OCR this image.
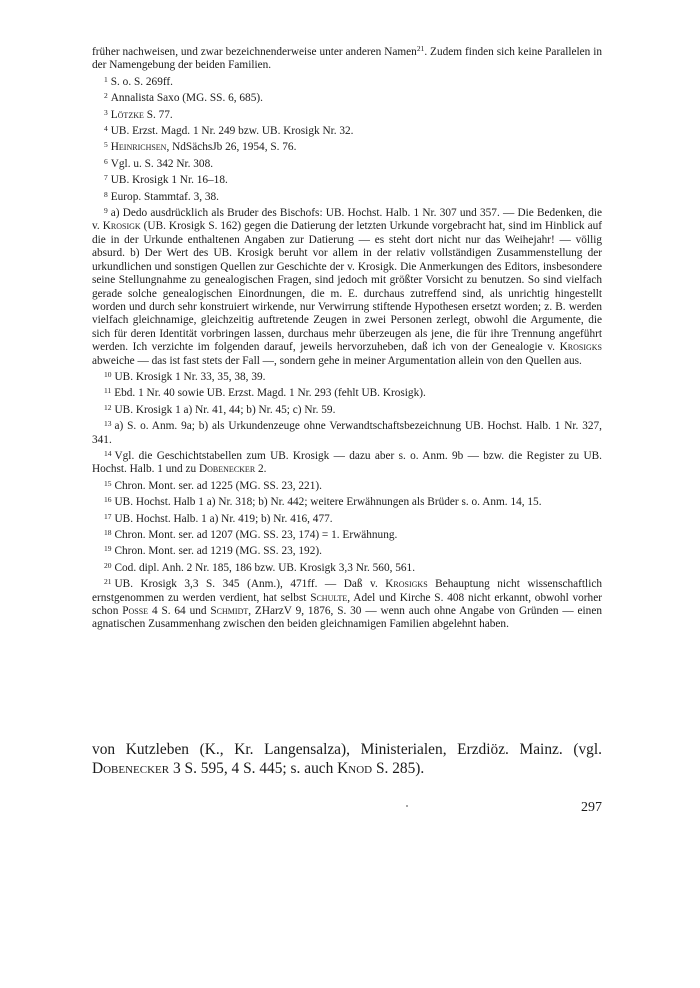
früher nachweisen, und zwar bezeichnenderweise unter anderen Namen$^{21}$. Zudem finden sich keine Parallelen in der Namengebung der beiden Familien.

$^1$ S. o. S. 269ff.

$^2$ Annalista Saxo (MG. SS. 6, 685).

$^3$ Lötzke S. 77.

$^4$ UB. Erzst. Magd. 1 Nr. 249 bzw. UB. Krosigk Nr. 32.

$^5$ Heinrichsen, NdSächsJb 26, 1954, S. 76.

$^6$ Vgl. u. S. 342 Nr. 308.

$^7$ UB. Krosigk 1 Nr. 16–18.

$^8$ Europ. Stammtaf. 3, 38.

$^9$ a) Dedo ausdrücklich als Bruder des Bischofs: UB. Hochst. Halb. 1 Nr. 307 und 357. — Die Bedenken, die v. Krosigk (UB. Krosigk S. 162) gegen die Datierung der letzten Urkunde vorgebracht hat, sind im Hinblick auf die in der Urkunde enthaltenen Angaben zur Datierung — es steht dort nicht nur das Weihejahr! — völlig absurd. b) Der Wert des UB. Krosigk beruht vor allem in der relativ vollständigen Zusammenstellung der urkundlichen und sonstigen Quellen zur Geschichte der v. Krosigk. Die Anmerkungen des Editors, insbesondere seine Stellungnahme zu genealogischen Fragen, sind jedoch mit größter Vorsicht zu benutzen. So sind vielfach gerade solche genealogischen Einordnungen, die m. E. durchaus zutreffend sind, als unrichtig hingestellt worden und durch sehr konstruiert wirkende, nur Verwirrung stiftende Hypothesen ersetzt worden; z. B. werden vielfach gleichnamige, gleichzeitig auftretende Zeugen in zwei Personen zerlegt, obwohl die Argumente, die sich für deren Identität vorbringen lassen, durchaus mehr überzeugen als jene, die für ihre Trennung angeführt werden. Ich verzichte im folgenden darauf, jeweils hervorzuheben, daß ich von der Genealogie v. Krosigks abweiche — das ist fast stets der Fall —, sondern gehe in meiner Argumentation allein von den Quellen aus.

$^{10}$ UB. Krosigk 1 Nr. 33, 35, 38, 39.

$^{11}$ Ebd. 1 Nr. 40 sowie UB. Erzst. Magd. 1 Nr. 293 (fehlt UB. Krosigk).

$^{12}$ UB. Krosigk 1 a) Nr. 41, 44; b) Nr. 45; c) Nr. 59.

$^{13}$ a) S. o. Anm. 9a; b) als Urkundenzeuge ohne Verwandtschaftsbezeichnung UB. Hochst. Halb. 1 Nr. 327, 341.

$^{14}$ Vgl. die Geschichtstabellen zum UB. Krosigk — dazu aber s. o. Anm. 9b — bzw. die Register zu UB. Hochst. Halb. 1 und zu Dobenecker 2.

$^{15}$ Chron. Mont. ser. ad 1225 (MG. SS. 23, 221).

$^{16}$ UB. Hochst. Halb 1 a) Nr. 318; b) Nr. 442; weitere Erwähnungen als Brüder s. o. Anm. 14, 15.

$^{17}$ UB. Hochst. Halb. 1 a) Nr. 419; b) Nr. 416, 477.

$^{18}$ Chron. Mont. ser. ad 1207 (MG. SS. 23, 174) = 1. Erwähnung.

$^{19}$ Chron. Mont. ser. ad 1219 (MG. SS. 23, 192).

$^{20}$ Cod. dipl. Anh. 2 Nr. 185, 186 bzw. UB. Krosigk 3,3 Nr. 560, 561.

$^{21}$ UB. Krosigk 3,3 S. 345 (Anm.), 471ff. — Daß v. Krosigks Behauptung nicht wissenschaftlich ernstgenommen zu werden verdient, hat selbst Schulte, Adel und Kirche S. 408 nicht erkannt, obwohl vorher schon Posse 4 S. 64 und Schmidt, ZHarzV 9, 1876, S. 30 — wenn auch ohne Angabe von Gründen — einen agnatischen Zusammenhang zwischen den beiden gleichnamigen Familien abgelehnt haben.

von Kutzleben (K., Kr. Langensalza), Ministerialen, Erzdiöz. Mainz. (vgl. Dobenecker 3 S. 595, 4 S. 445; s. auch Knod S. 285).

297
